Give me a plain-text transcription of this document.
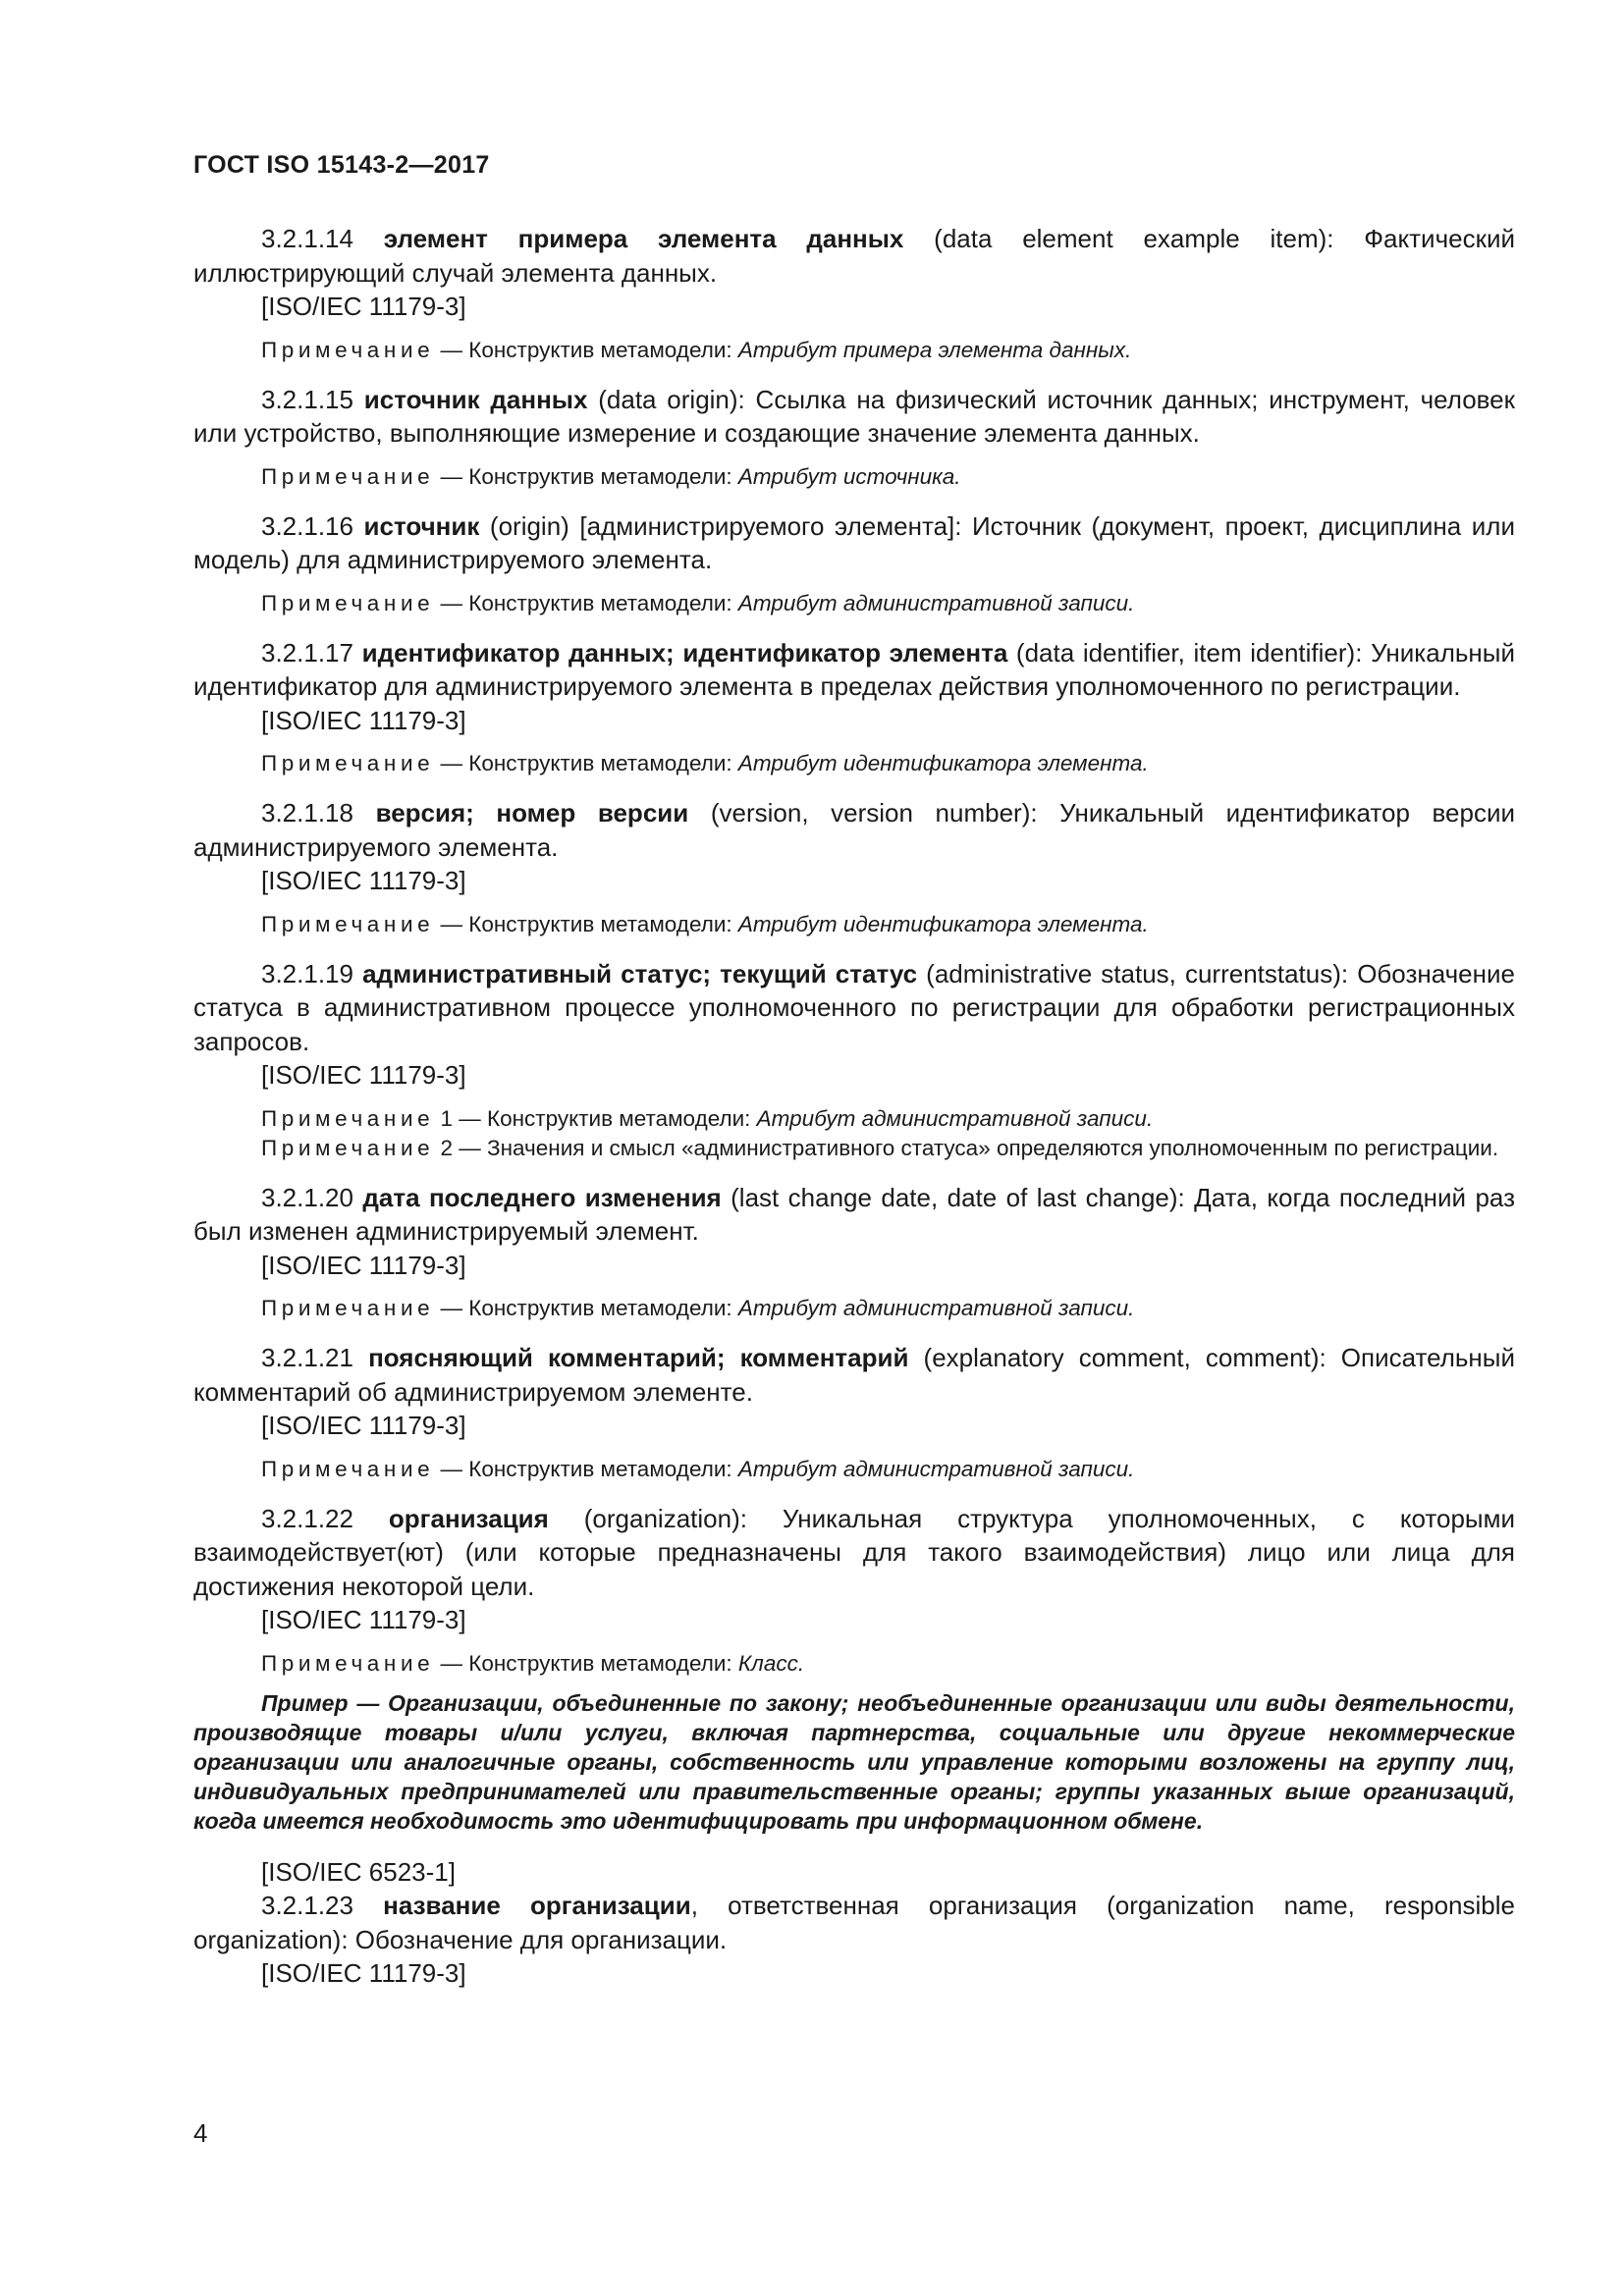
ГОСТ ISO 15143-2—2017

3.2.1.14 элемент примера элемента данных (data element example item): Фактический иллюстрирующий случай элемента данных.

[ISO/IEC 11179-3]
Примечание — Конструктив метамодели: Атрибут примера элемента данных.

3.2.1.15 источник данных (data origin): Ссылка на физический источник данных; инструмент, человек или устройство, выполняющие измерение и создающие значение элемента данных.

Примечание — Конструктив метамодели: Атрибут источника.

3.2.1.16 источник (origin) [администрируемого элемента]: Источник (документ, проект, дисциплина или модель) для администрируемого элемента.

Примечание — Конструктив метамодели: Атрибут административной записи.

3.2.1.17 идентификатор данных; идентификатор элемента (data identifier, item identifier): Уникальный идентификатор для администрируемого элемента в пределах действия уполномоченного по регистрации.

[ISO/IEC 11179-3]
Примечание — Конструктив метамодели: Атрибут идентификатора элемента.

3.2.1.18 версия; номер версии (version, version number): Уникальный идентификатор версии администрируемого элемента.

[ISO/IEC 11179-3]
Примечание — Конструктив метамодели: Атрибут идентификатора элемента.

3.2.1.19 административный статус; текущий статус (administrative status, currentstatus): Обозначение статуса в административном процессе уполномоченного по регистрации для обработки регистрационных запросов.

[ISO/IEC 11179-3]
Примечание 1 — Конструктив метамодели: Атрибут административной записи.
Примечание 2 — Значения и смысл «административного статуса» определяются уполномоченным по регистрации.

3.2.1.20 дата последнего изменения (last change date, date of last change): Дата, когда последний раз был изменен администрируемый элемент.

[ISO/IEC 11179-3]
Примечание — Конструктив метамодели: Атрибут административной записи.

3.2.1.21 поясняющий комментарий; комментарий (explanatory comment, comment): Описательный комментарий об администрируемом элементе.

[ISO/IEC 11179-3]
Примечание — Конструктив метамодели: Атрибут административной записи.

3.2.1.22 организация (organization): Уникальная структура уполномоченных, с которыми взаимодействует(ют) (или которые предназначены для такого взаимодействия) лицо или лица для достижения некоторой цели.

[ISO/IEC 11179-3]
Примечание — Конструктив метамодели: Класс.

Пример — Организации, объединенные по закону; необъединенные организации или виды деятельности, производящие товары и/или услуги, включая партнерства, социальные или другие некоммерческие организации или аналогичные органы, собственность или управление которыми возложены на группу лиц, индивидуальных предпринимателей или правительственные органы; группы указанных выше организаций, когда имеется необходимость это идентифицировать при информационном обмене.

[ISO/IEC 6523-1]

3.2.1.23 название организации, ответственная организация (organization name, responsible organization): Обозначение для организации.

[ISO/IEC 11179-3]
4
